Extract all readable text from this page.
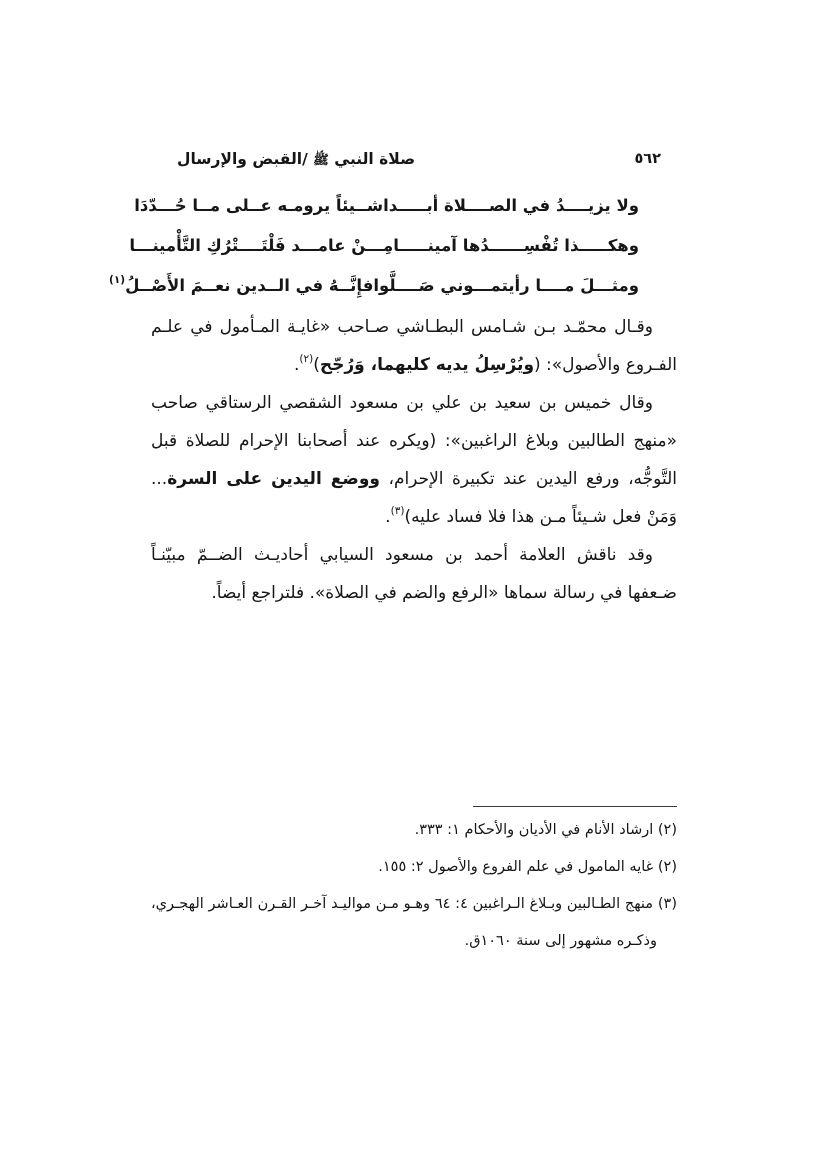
صلاة النبي ﷺ /القبض والإرسال	٥٦٢
ولا يزيــــدُ في الصــــلاة أبـــــدا
شــيئاً يرومـه عــلى مــا حُـــدّدَا
وهكـــــذا تُفْسِــــــدُها آمينـــــا
مِـــنْ عامـــد فَلْتَــــتْرُكِ التَّأْمينـــا
ومثـــلَ مــــا رأيتمـــوني صَــــلَّوا
فإِنَّــهُ في الــدين نعــمَ الأَصْــلُ$^{(١)}$

وقـال محمّـد بـن شـامس البطـاشي صـاحب «غايـة المـأمول في علـم الفـروع والأصول»: (ويُرْسِلُ يديه كليهما، وَرُجّح)$^{(٢)}$.

وقال خميس بن سعيد بن علي بن مسعود الشقصي الرستاقي صاحب «منهج الطالبين وبلاغ الراغبين»: (ويكره عند أصحابنا الإحرام للصلاة قبل التَّوجُّه، ورفع اليدين عند تكبيرة الإحرام، ووضع اليدين على السرة... وَمَنْ فعل شـيئاً مـن هذا فلا فساد عليه)$^{(٣)}$.

وقد ناقش العلامة أحمد بن مسعود السيابي أحاديـث الضــمّ مبيّنـاً ضـعفها في رسالة سماها «الرفع والضم في الصلاة». فلتراجع أيضاً.

(٢) ارشاد الأنام في الأديان والأحكام ١: ٣٣٣.

(٢) غايه المامول في علم الفروع والأصول ٢: ١٥٥.

(٣) منهج الطـالبين وبـلاغ الـراغبين ٤: ٦٤ وهـو مـن مواليـد آخـر القـرن العـاشر الهجـري، وذكـره مشهور إلى سنة ١٠٦٠ق.
